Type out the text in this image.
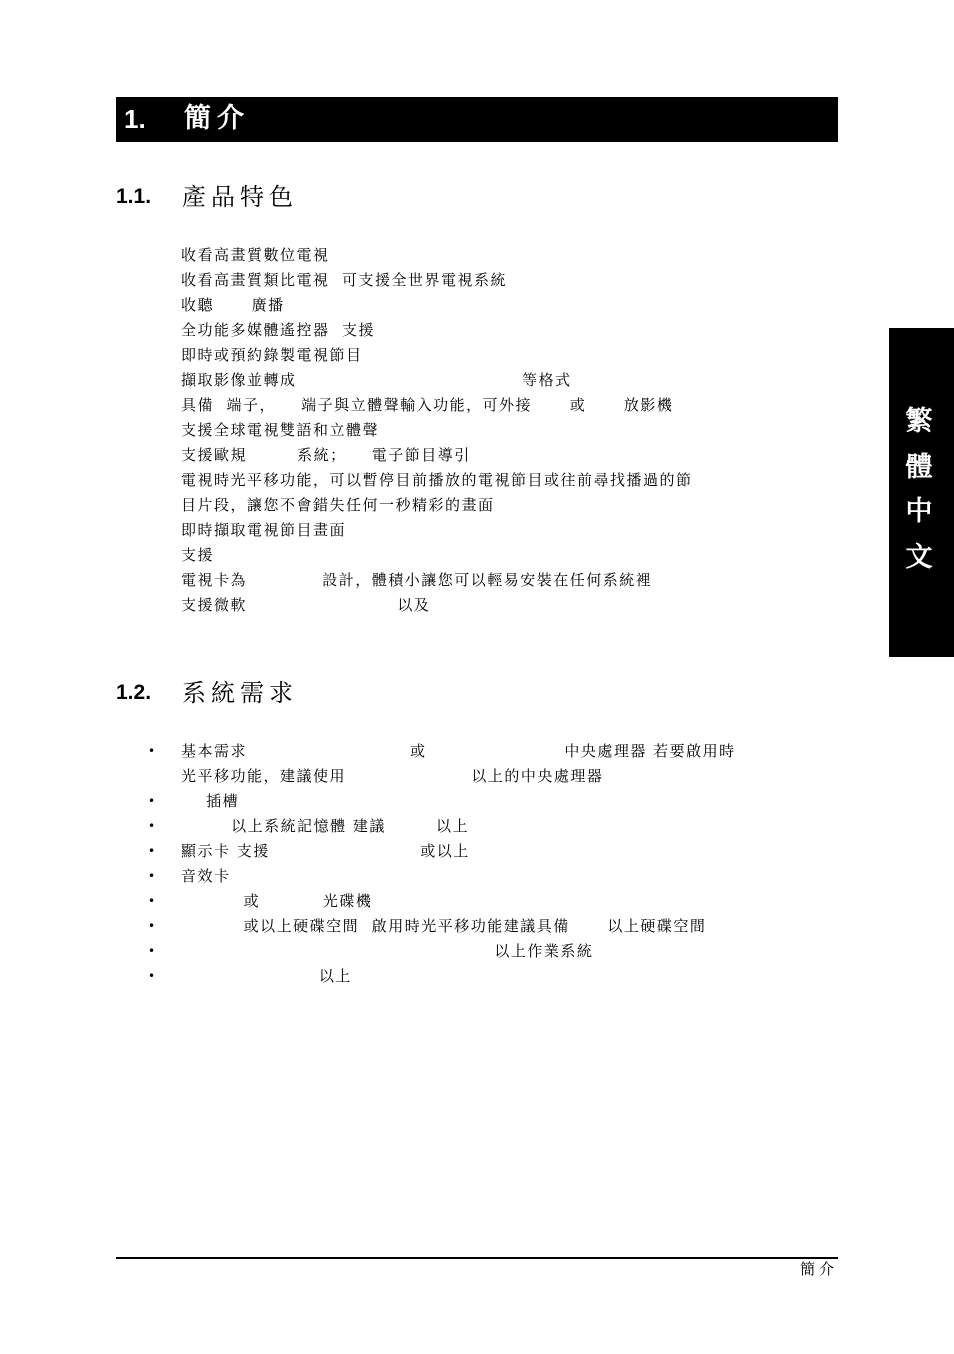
1. 簡介
1.1. 產品特色
收看高畫質數位電視
收看高畫質類比電視  可支援全世界電視系統
收聽      廣播
全功能多媒體遙控器  支援
即時或預約錄製電視節目
擷取影像並轉成                                    等格式
具備  端子，    端子與立體聲輸入功能，可外接      或      放影機
支援全球電視雙語和立體聲
支援歐規        系統；    電子節目導引
電視時光平移功能，可以暫停目前播放的電視節目或往前尋找播過的節
目片段，讓您不會錯失任何一秒精彩的畫面
即時擷取電視節目畫面
支援
電視卡為            設計，體積小讓您可以輕易安裝在任何系統裡
支援微軟                        以及
1.2. 系統需求
• 基本需求                          或                      中央處理器 若要啟用時
光平移功能，建議使用                    以上的中央處理器
• 插槽
• 以上系統記憶體 建議        以上
• 顯示卡 支援                        或以上
• 音效卡
• 或          光碟機
• 或以上硬碟空間  啟用時光平移功能建議具備      以上硬碟空間
• 以上作業系統
• 以上
繁
體
中
文
簡介
